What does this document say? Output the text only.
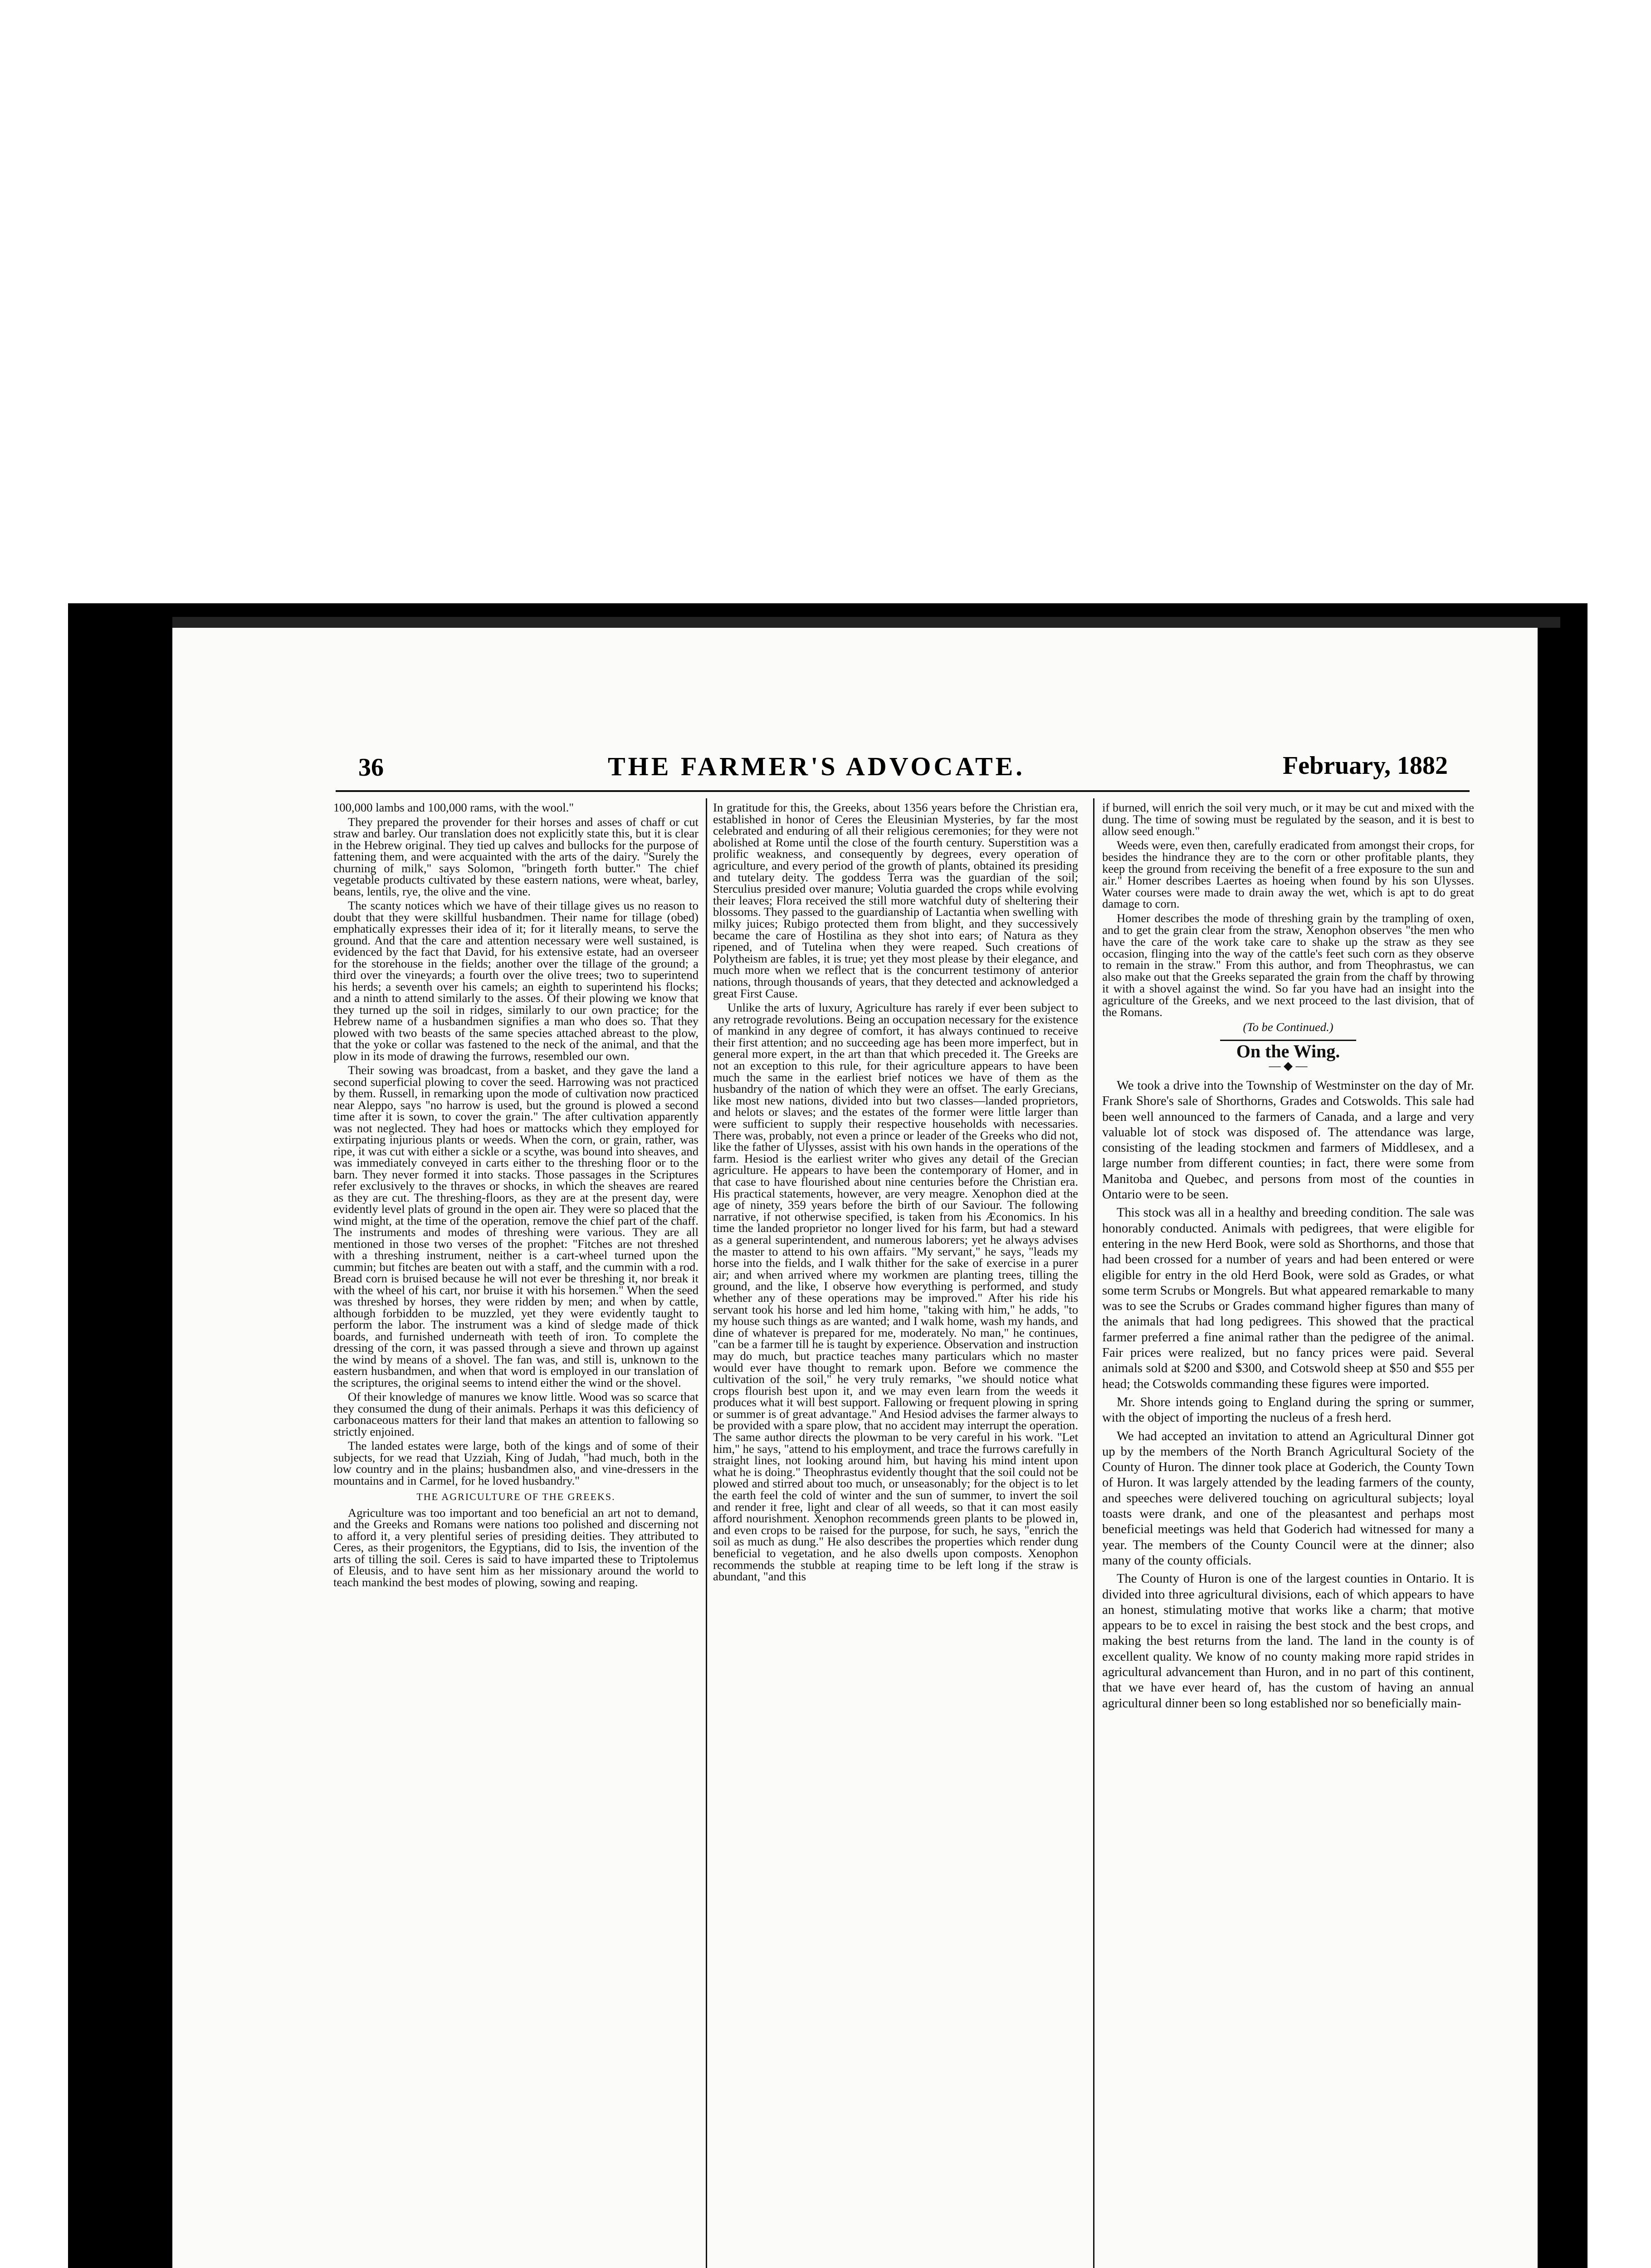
36	THE FARMER'S ADVOCATE.	February, 1882

100,000 lambs and 100,000 rams, with the wool."

They prepared the provender for their horses and asses of chaff or cut straw and barley. Our translation does not explicitly state this, but it is clear in the Hebrew original. They tied up calves and bullocks for the purpose of fattening them, and were acquainted with the arts of the dairy. "Surely the churning of milk," says Solomon, "bringeth forth butter." The chief vegetable products cultivated by these eastern nations, were wheat, barley, beans, lentils, rye, the olive and the vine.

The scanty notices which we have of their tillage gives us no reason to doubt that they were skillful husbandmen. Their name for tillage (obed) emphatically expresses their idea of it; for it literally means, to serve the ground. And that the care and attention necessary were well sustained, is evidenced by the fact that David, for his extensive estate, had an overseer for the storehouse in the fields; another over the tillage of the ground; a third over the vineyards; a fourth over the olive trees; two to superintend his herds; a seventh over his camels; an eighth to superintend his flocks; and a ninth to attend similarly to the asses. Of their plowing we know that they turned up the soil in ridges, similarly to our own practice; for the Hebrew name of a husbandmen signifies a man who does so. That they plowed with two beasts of the same species attached abreast to the plow, that the yoke or collar was fastened to the neck of the animal, and that the plow in its mode of drawing the furrows, resembled our own.

Their sowing was broadcast, from a basket, and they gave the land a second superficial plowing to cover the seed. Harrowing was not practiced by them. Russell, in remarking upon the mode of cultivation now practiced near Aleppo, says "no harrow is used, but the ground is plowed a second time after it is sown, to cover the grain." The after cultivation apparently was not neglected. They had hoes or mattocks which they employed for extirpating injurious plants or weeds. When the corn, or grain, rather, was ripe, it was cut with either a sickle or a scythe, was bound into sheaves, and was immediately conveyed in carts either to the threshing floor or to the barn. They never formed it into stacks. Those passages in the Scriptures refer exclusively to the thraves or shocks, in which the sheaves are reared as they are cut. The threshing-floors, as they are at the present day, were evidently level plats of ground in the open air. They were so placed that the wind might, at the time of the operation, remove the chief part of the chaff. The instruments and modes of threshing were various. They are all mentioned in those two verses of the prophet: "Fitches are not threshed with a threshing instrument, neither is a cart-wheel turned upon the cummin; but fitches are beaten out with a staff, and the cummin with a rod. Bread corn is bruised because he will not ever be threshing it, nor break it with the wheel of his cart, nor bruise it with his horsemen." When the seed was threshed by horses, they were ridden by men; and when by cattle, although forbidden to be muzzled, yet they were evidently taught to perform the labor. The instrument was a kind of sledge made of thick boards, and furnished underneath with teeth of iron. To complete the dressing of the corn, it was passed through a sieve and thrown up against the wind by means of a shovel. The fan was, and still is, unknown to the eastern husbandmen, and when that word is employed in our translation of the scriptures, the original seems to intend either the wind or the shovel.

Of their knowledge of manures we know little. Wood was so scarce that they consumed the dung of their animals. Perhaps it was this deficiency of carbonaceous matters for their land that makes an attention to fallowing so strictly enjoined.

The landed estates were large, both of the kings and of some of their subjects, for we read that Uzziah, King of Judah, "had much, both in the low country and in the plains; husbandmen also, and vine-dressers in the mountains and in Carmel, for he loved husbandry."

THE AGRICULTURE OF THE GREEKS.

Agriculture was too important and too beneficial an art not to demand, and the Greeks and Romans were nations too polished and discerning not to afford it, a very plentiful series of presiding deities. They attributed to Ceres, as their progenitors, the Egyptians, did to Isis, the invention of the arts of tilling the soil. Ceres is said to have imparted these to Triptolemus of Eleusis, and to have sent him as her missionary around the world to teach mankind the best modes of plowing, sowing and reaping.

In gratitude for this, the Greeks, about 1356 years before the Christian era, established in honor of Ceres the Eleusinian Mysteries, by far the most celebrated and enduring of all their religious ceremonies; for they were not abolished at Rome until the close of the fourth century. Superstition was a prolific weakness, and consequently by degrees, every operation of agriculture, and every period of the growth of plants, obtained its presiding and tutelary deity. The goddess Terra was the guardian of the soil; Sterculius presided over manure; Volutia guarded the crops while evolving their leaves; Flora received the still more watchful duty of sheltering their blossoms. They passed to the guardianship of Lactantia when swelling with milky juices; Rubigo protected them from blight, and they successively became the care of Hostilina as they shot into ears; of Natura as they ripened, and of Tutelina when they were reaped. Such creations of Polytheism are fables, it is true; yet they most please by their elegance, and much more when we reflect that is the concurrent testimony of anterior nations, through thousands of years, that they detected and acknowledged a great First Cause.

Unlike the arts of luxury, Agriculture has rarely if ever been subject to any retrograde revolutions. Being an occupation necessary for the existence of mankind in any degree of comfort, it has always continued to receive their first attention; and no succeeding age has been more imperfect, but in general more expert, in the art than that which preceded it. The Greeks are not an exception to this rule, for their agriculture appears to have been much the same in the earliest brief notices we have of them as the husbandry of the nation of which they were an offset. The early Grecians, like most new nations, divided into but two classes—landed proprietors, and helots or slaves; and the estates of the former were little larger than were sufficient to supply their respective households with necessaries. There was, probably, not even a prince or leader of the Greeks who did not, like the father of Ulysses, assist with his own hands in the operations of the farm. Hesiod is the earliest writer who gives any detail of the Grecian agriculture. He appears to have been the contemporary of Homer, and in that case to have flourished about nine centuries before the Christian era. His practical statements, however, are very meagre. Xenophon died at the age of ninety, 359 years before the birth of our Saviour. The following narrative, if not otherwise specified, is taken from his Æconomics. In his time the landed proprietor no longer lived for his farm, but had a steward as a general superintendent, and numerous laborers; yet he always advises the master to attend to his own affairs. "My servant," he says, "leads my horse into the fields, and I walk thither for the sake of exercise in a purer air; and when arrived where my workmen are planting trees, tilling the ground, and the like, I observe how everything is performed, and study whether any of these operations may be improved." After his ride his servant took his horse and led him home, "taking with him," he adds, "to my house such things as are wanted; and I walk home, wash my hands, and dine of whatever is prepared for me, moderately. No man," he continues, "can be a farmer till he is taught by experience. Observation and instruction may do much, but practice teaches many particulars which no master would ever have thought to remark upon. Before we commence the cultivation of the soil," he very truly remarks, "we should notice what crops flourish best upon it, and we may even learn from the weeds it produces what it will best support. Fallowing or frequent plowing in spring or summer is of great advantage." And Hesiod advises the farmer always to be provided with a spare plow, that no accident may interrupt the operation. The same author directs the plowman to be very careful in his work. "Let him," he says, "attend to his employment, and trace the furrows carefully in straight lines, not looking around him, but having his mind intent upon what he is doing." Theophrastus evidently thought that the soil could not be plowed and stirred about too much, or unseasonably; for the object is to let the earth feel the cold of winter and the sun of summer, to invert the soil and render it free, light and clear of all weeds, so that it can most easily afford nourishment. Xenophon recommends green plants to be plowed in, and even crops to be raised for the purpose, for such, he says, "enrich the soil as much as dung." He also describes the properties which render dung beneficial to vegetation, and he also dwells upon composts. Xenophon recommends the stubble at reaping time to be left long if the straw is abundant, "and this

if burned, will enrich the soil very much, or it may be cut and mixed with the dung. The time of sowing must be regulated by the season, and it is best to allow seed enough."

Weeds were, even then, carefully eradicated from amongst their crops, for besides the hindrance they are to the corn or other profitable plants, they keep the ground from receiving the benefit of a free exposure to the sun and air." Homer describes Laertes as hoeing when found by his son Ulysses. Water courses were made to drain away the wet, which is apt to do great damage to corn.

Homer describes the mode of threshing grain by the trampling of oxen, and to get the grain clear from the straw, Xenophon observes "the men who have the care of the work take care to shake up the straw as they see occasion, flinging into the way of the cattle's feet such corn as they observe to remain in the straw." From this author, and from Theophrastus, we can also make out that the Greeks separated the grain from the chaff by throwing it with a shovel against the wind. So far you have had an insight into the agriculture of the Greeks, and we next proceed to the last division, that of the Romans.

(To be Continued.)

On the Wing.
— ◆ —

We took a drive into the Township of Westminster on the day of Mr. Frank Shore's sale of Shorthorns, Grades and Cotswolds. This sale had been well announced to the farmers of Canada, and a large and very valuable lot of stock was disposed of. The attendance was large, consisting of the leading stockmen and farmers of Middlesex, and a large number from different counties; in fact, there were some from Manitoba and Quebec, and persons from most of the counties in Ontario were to be seen.

This stock was all in a healthy and breeding condition. The sale was honorably conducted. Animals with pedigrees, that were eligible for entering in the new Herd Book, were sold as Shorthorns, and those that had been crossed for a number of years and had been entered or were eligible for entry in the old Herd Book, were sold as Grades, or what some term Scrubs or Mongrels. But what appeared remarkable to many was to see the Scrubs or Grades command higher figures than many of the animals that had long pedigrees. This showed that the practical farmer preferred a fine animal rather than the pedigree of the animal. Fair prices were realized, but no fancy prices were paid. Several animals sold at $200 and $300, and Cotswold sheep at $50 and $55 per head; the Cotswolds commanding these figures were imported.

Mr. Shore intends going to England during the spring or summer, with the object of importing the nucleus of a fresh herd.

We had accepted an invitation to attend an Agricultural Dinner got up by the members of the North Branch Agricultural Society of the County of Huron. The dinner took place at Goderich, the County Town of Huron. It was largely attended by the leading farmers of the county, and speeches were delivered touching on agricultural subjects; loyal toasts were drank, and one of the pleasantest and perhaps most beneficial meetings was held that Goderich had witnessed for many a year. The members of the County Council were at the dinner; also many of the county officials.

The County of Huron is one of the largest counties in Ontario. It is divided into three agricultural divisions, each of which appears to have an honest, stimulating motive that works like a charm; that motive appears to be to excel in raising the best stock and the best crops, and making the best returns from the land. The land in the county is of excellent quality. We know of no county making more rapid strides in agricultural advancement than Huron, and in no part of this continent, that we have ever heard of, has the custom of having an annual agricultural dinner been so long established nor so beneficially main-
